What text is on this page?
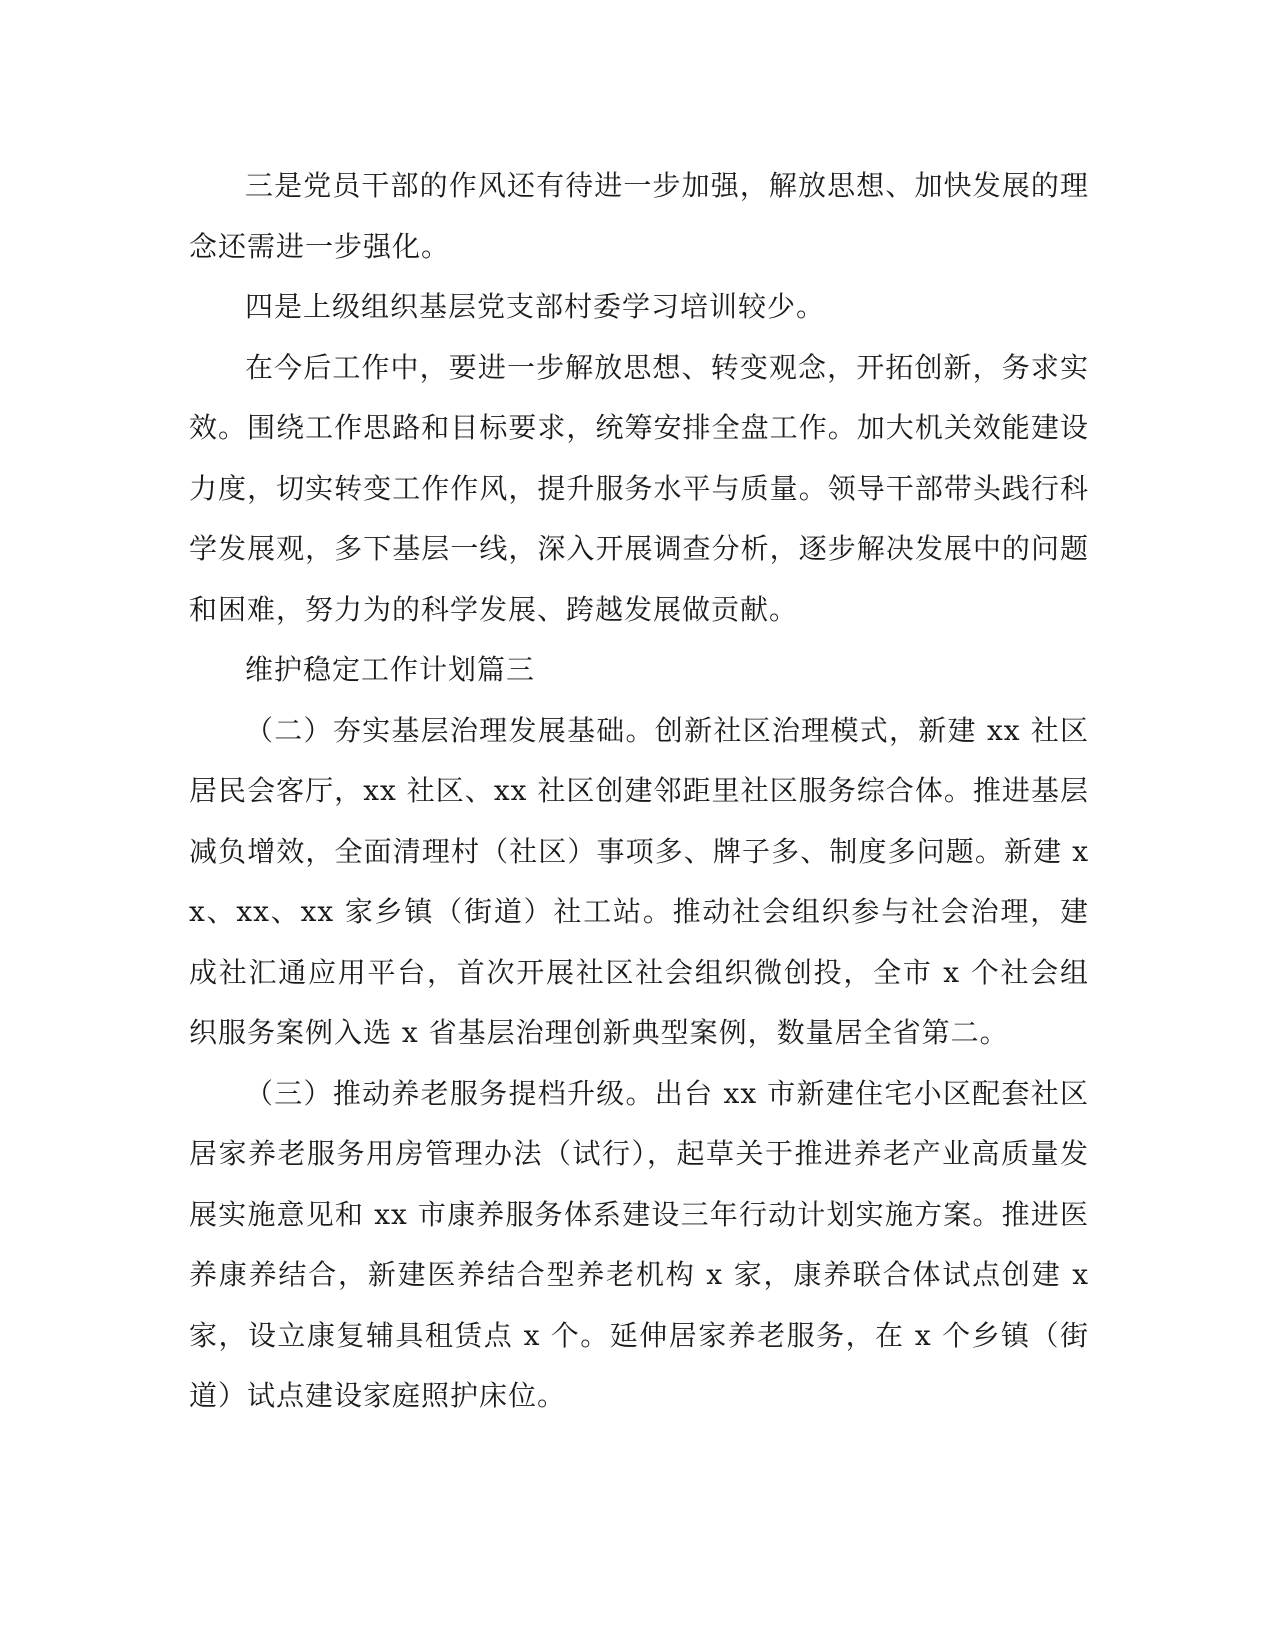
三是党员干部的作风还有待进一步加强，解放思想、加快发展的理念还需进一步强化。

四是上级组织基层党支部村委学习培训较少。

在今后工作中，要进一步解放思想、转变观念，开拓创新，务求实效。围绕工作思路和目标要求，统筹安排全盘工作。加大机关效能建设力度，切实转变工作作风，提升服务水平与质量。领导干部带头践行科学发展观，多下基层一线，深入开展调查分析，逐步解决发展中的问题和困难，努力为的科学发展、跨越发展做贡献。

维护稳定工作计划篇三

（二）夯实基层治理发展基础。创新社区治理模式，新建 xx 社区居民会客厅，xx 社区、xx 社区创建邻距里社区服务综合体。推进基层减负增效，全面清理村（社区）事项多、牌子多、制度多问题。新建 xx、xx、xx 家乡镇（街道）社工站。推动社会组织参与社会治理，建成社汇通应用平台，首次开展社区社会组织微创投，全市 x 个社会组织服务案例入选 x 省基层治理创新典型案例，数量居全省第二。

（三）推动养老服务提档升级。出台 xx 市新建住宅小区配套社区居家养老服务用房管理办法（试行），起草关于推进养老产业高质量发展实施意见和 xx 市康养服务体系建设三年行动计划实施方案。推进医养康养结合，新建医养结合型养老机构 x 家，康养联合体试点创建 x 家，设立康复辅具租赁点 x 个。延伸居家养老服务，在 x 个乡镇（街道）试点建设家庭照护床位。
